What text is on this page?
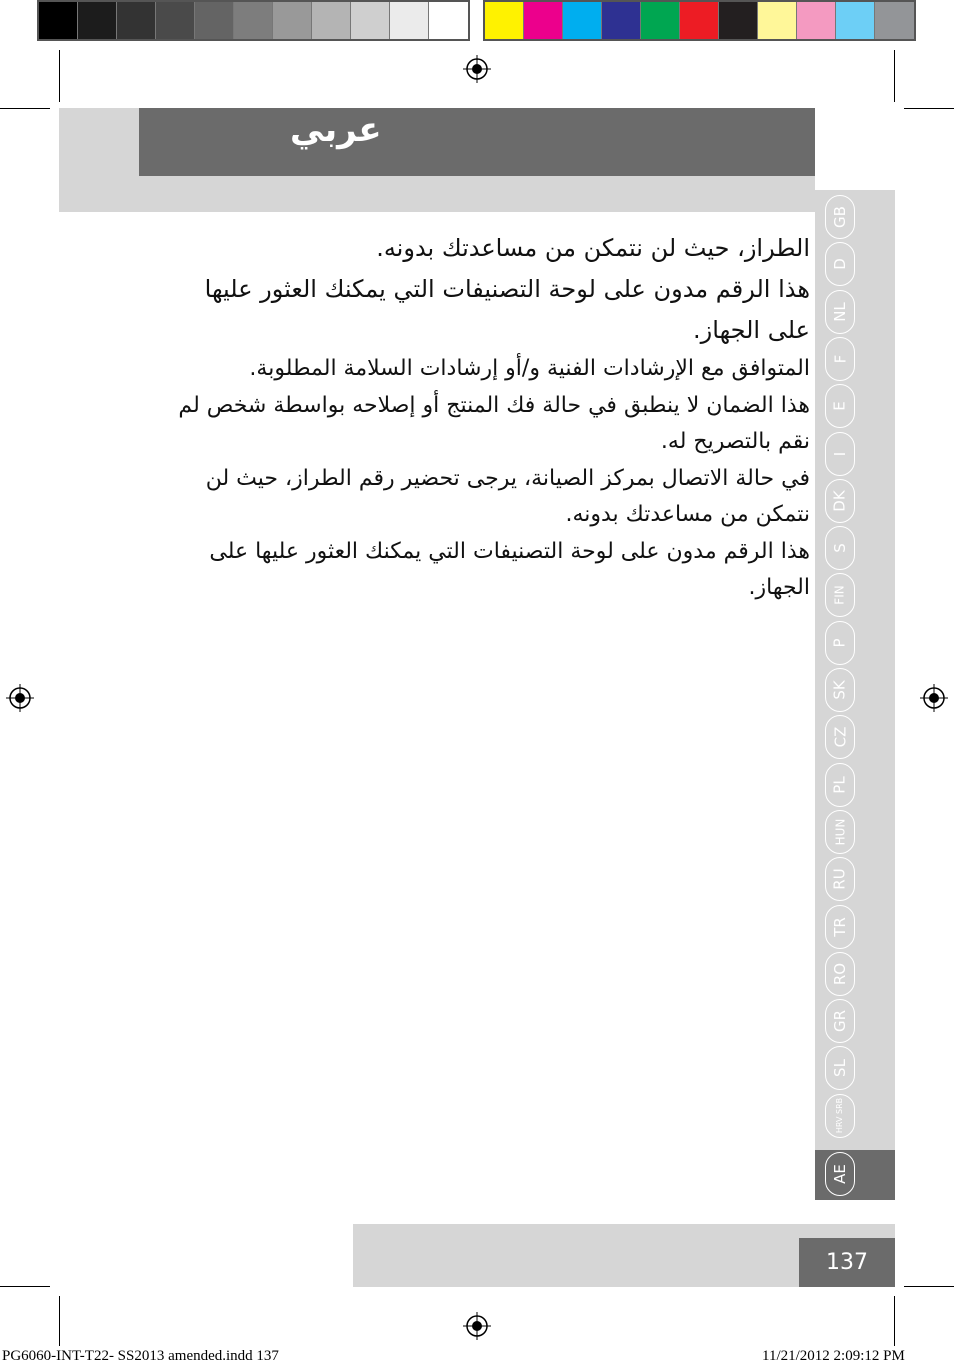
عربي
AE
GB
D
NL
F
E
I
DK
S
FIN
P
SK
CZ
PL
HUN
RU
TR
RO
GR
SL
HRV SRB

الطراز، حيث لن نتمكن من مساعدتك بدونه.

هذا الرقم مدون على لوحة التصنيفات التي يمكنك العثور عليها على الجهاز.

المتوافق مع الإرشادات الفنية و/أو إرشادات السلامة المطلوبة.

هذا الضمان لا ينطبق في حالة فك المنتج أو إصلاحه بواسطة شخص لم نقم بالتصريح له.

في حالة الاتصال بمركز الصيانة، يرجى تحضير رقم الطراز، حيث لن نتمكن من مساعدتك بدونه.

هذا الرقم مدون على لوحة التصنيفات التي يمكنك العثور عليها على الجهاز.

137
PG6060-INT-T22- SS2013 amended.indd 137	11/21/2012 2:09:12 PM
